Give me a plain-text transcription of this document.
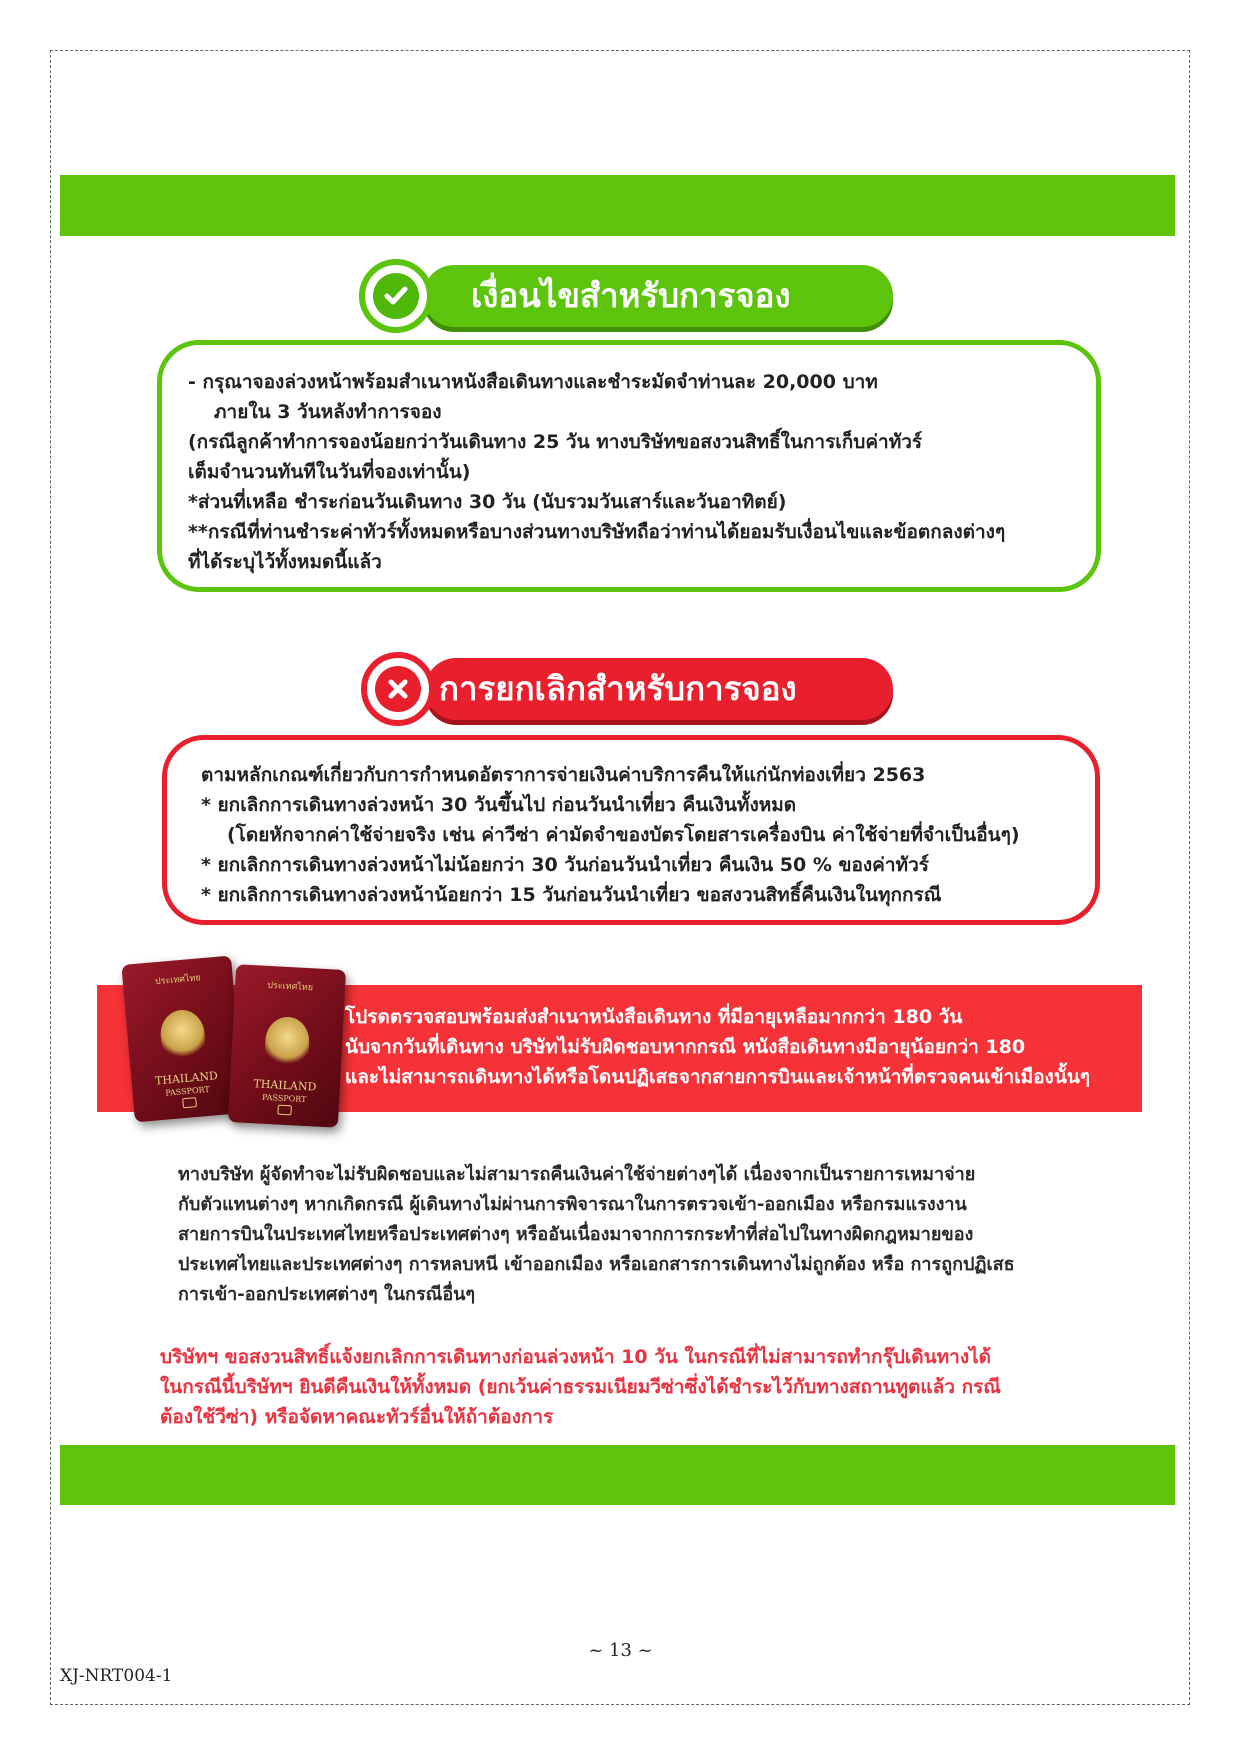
เงื่อนไขสำหรับการจอง
- กรุณาจองล่วงหน้าพร้อมสำเนาหนังสือเดินทางและชำระมัดจำท่านละ 20,000 บาท
ภายใน 3 วันหลังทำการจอง
(กรณีลูกค้าทำการจองน้อยกว่าวันเดินทาง 25 วัน ทางบริษัทขอสงวนสิทธิ์ในการเก็บค่าทัวร์
เต็มจำนวนทันทีในวันที่จองเท่านั้น)
*ส่วนที่เหลือ ชำระก่อนวันเดินทาง 30 วัน (นับรวมวันเสาร์และวันอาทิตย์)
**กรณีที่ท่านชำระค่าทัวร์ทั้งหมดหรือบางส่วนทางบริษัทถือว่าท่านได้ยอมรับเงื่อนไขและข้อตกลงต่างๆ
ที่ได้ระบุไว้ทั้งหมดนี้แล้ว
การยกเลิกสำหรับการจอง
ตามหลักเกณฑ์เกี่ยวกับการกำหนดอัตราการจ่ายเงินค่าบริการคืนให้แก่นักท่องเที่ยว 2563
* ยกเลิกการเดินทางล่วงหน้า 30 วันขึ้นไป ก่อนวันนำเที่ยว คืนเงินทั้งหมด
(โดยหักจากค่าใช้จ่ายจริง เช่น ค่าวีซ่า ค่ามัดจำของบัตรโดยสารเครื่องบิน ค่าใช้จ่ายที่จำเป็นอื่นๆ)
* ยกเลิกการเดินทางล่วงหน้าไม่น้อยกว่า 30 วันก่อนวันนำเที่ยว คืนเงิน 50 % ของค่าทัวร์
* ยกเลิกการเดินทางล่วงหน้าน้อยกว่า 15 วันก่อนวันนำเที่ยว ขอสงวนสิทธิ์คืนเงินในทุกกรณี
ประเทศไทย
THAILAND
PASSPORT
ประเทศไทย
THAILAND
PASSPORT
โปรดตรวจสอบพร้อมส่งสำเนาหนังสือเดินทาง ที่มีอายุเหลือมากกว่า 180 วัน
นับจากวันที่เดินทาง บริษัทไม่รับผิดชอบหากกรณี หนังสือเดินทางมีอายุน้อยกว่า 180
และไม่สามารถเดินทางได้หรือโดนปฏิเสธจากสายการบินและเจ้าหน้าที่ตรวจคนเข้าเมืองนั้นๆ
ทางบริษัท ผู้จัดทำจะไม่รับผิดชอบและไม่สามารถคืนเงินค่าใช้จ่ายต่างๆได้ เนื่องจากเป็นรายการเหมาจ่าย
กับตัวแทนต่างๆ หากเกิดกรณี ผู้เดินทางไม่ผ่านการพิจารณาในการตรวจเข้า-ออกเมือง หรือกรมแรงงาน
สายการบินในประเทศไทยหรือประเทศต่างๆ หรืออันเนื่องมาจากการกระทำที่ส่อไปในทางผิดกฎหมายของ
ประเทศไทยและประเทศต่างๆ การหลบหนี เข้าออกเมือง หรือเอกสารการเดินทางไม่ถูกต้อง หรือ การถูกปฏิเสธ
การเข้า-ออกประเทศต่างๆ ในกรณีอื่นๆ
บริษัทฯ ขอสงวนสิทธิ์แจ้งยกเลิกการเดินทางก่อนล่วงหน้า 10 วัน ในกรณีที่ไม่สามารถทำกรุ๊ปเดินทางได้
ในกรณีนี้บริษัทฯ ยินดีคืนเงินให้ทั้งหมด (ยกเว้นค่าธรรมเนียมวีซ่าซึ่งได้ชำระไว้กับทางสถานทูตแล้ว กรณี
ต้องใช้วีซ่า) หรือจัดหาคณะทัวร์อื่นให้ถ้าต้องการ
~ 13 ~
XJ-NRT004-1
